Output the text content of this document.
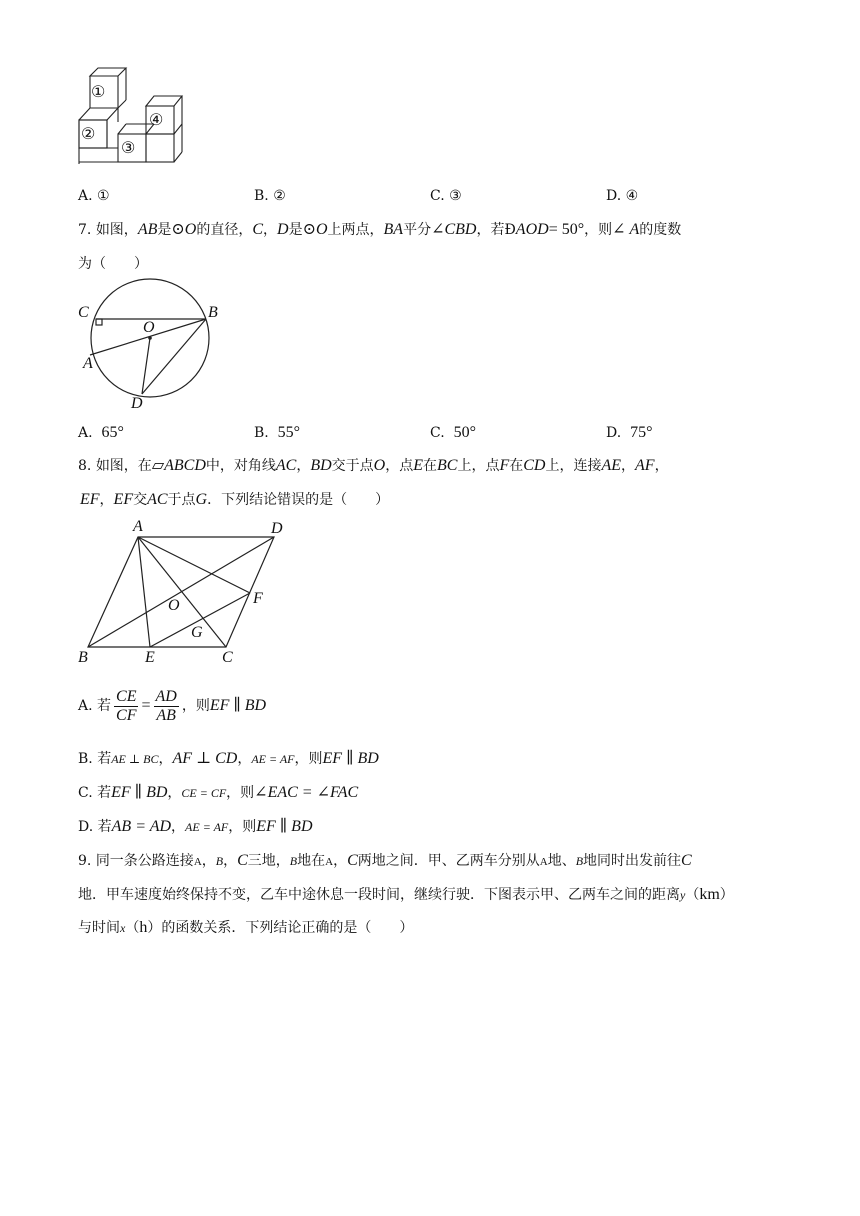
①
②
③
④
A. ①	B. ②	C. ③	D. ④
7. 如图，AB是⊙O的直径，C，D是⊙O上两点，BA平分∠CBD，若ÐAOD= 50°，则∠ A的度数
为（　　）
C
O
B
A
D
A. 65°	B. 55°	C. 50°	D. 75°
8. 如图，在▱ABCD中，对角线AC，BD交于点O，点E在BC上，点F在CD上，连接AE，AF，
EF，EF交AC于点G．下列结论错误的是（　　）
A	D
O	F
G
B	E	C
A. 若 $\frac{CE}{CF} = \frac{AD}{AB}$ ，则EF ∥ BD
B. 若AE ⊥ BC，AF ⊥ CD，AE = AF，则EF ∥ BD
C. 若EF ∥ BD，CE = CF，则∠EAC = ∠FAC
D. 若AB = AD，AE = AF，则EF ∥ BD
9. 同一条公路连接A，B，C三地，B地在A，C两地之间．甲、乙两车分别从A地、B地同时出发前往C
地．甲车速度始终保持不变，乙车中途休息一段时间，继续行驶．下图表示甲、乙两车之间的距离y（km）
与时间x（h）的函数关系．下列结论正确的是（　　）
